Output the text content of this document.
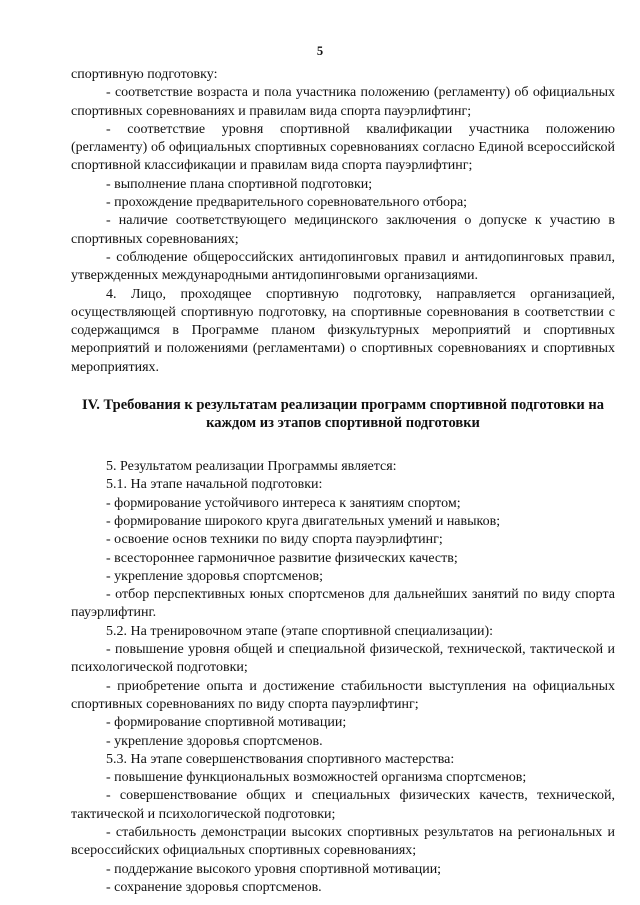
5

спортивную подготовку:

- соответствие возраста и пола участника положению (регламенту) об официальных спортивных соревнованиях и правилам вида спорта пауэрлифтинг;

- соответствие уровня спортивной квалификации участника положению (регламенту) об официальных спортивных соревнованиях согласно Единой всероссийской спортивной классификации и правилам вида спорта пауэрлифтинг;

- выполнение плана спортивной подготовки;

- прохождение предварительного соревновательного отбора;

- наличие соответствующего медицинского заключения о допуске к участию в спортивных соревнованиях;

- соблюдение общероссийских антидопинговых правил и антидопинговых правил, утвержденных международными антидопинговыми организациями.

4. Лицо, проходящее спортивную подготовку, направляется организацией, осуществляющей спортивную подготовку, на спортивные соревнования в соответствии с содержащимся в Программе планом физкультурных мероприятий и спортивных мероприятий и положениями (регламентами) о спортивных соревнованиях и спортивных мероприятиях.

IV. Требования к результатам реализации программ спортивной подготовки на каждом из этапов спортивной подготовки

5. Результатом реализации Программы является:

5.1. На этапе начальной подготовки:

- формирование устойчивого интереса к занятиям спортом;

- формирование широкого круга двигательных умений и навыков;

- освоение основ техники по виду спорта пауэрлифтинг;

- всестороннее гармоничное развитие физических качеств;

- укрепление здоровья спортсменов;

- отбор перспективных юных спортсменов для дальнейших занятий по виду спорта пауэрлифтинг.

5.2. На тренировочном этапе (этапе спортивной специализации):

- повышение уровня общей и специальной физической, технической, тактической и психологической подготовки;

- приобретение опыта и достижение стабильности выступления на официальных спортивных соревнованиях по виду спорта пауэрлифтинг;

- формирование спортивной мотивации;

- укрепление здоровья спортсменов.

5.3. На этапе совершенствования спортивного мастерства:

- повышение функциональных возможностей организма спортсменов;

- совершенствование общих и специальных физических качеств, технической, тактической и психологической подготовки;

- стабильность демонстрации высоких спортивных результатов на региональных и всероссийских официальных спортивных соревнованиях;

- поддержание высокого уровня спортивной мотивации;

- сохранение здоровья спортсменов.
